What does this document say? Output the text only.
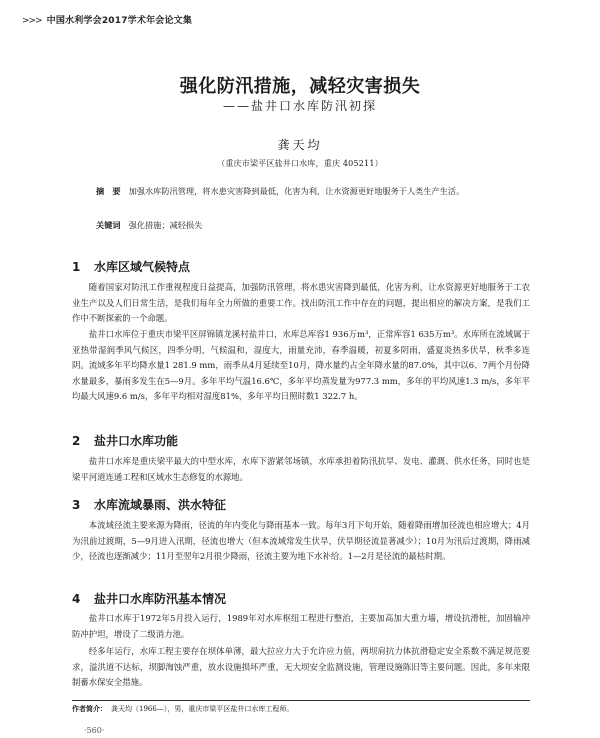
>>> 中国水利学会2017学术年会论文集
强化防汛措施，减轻灾害损失
——盐井口水库防汛初探
龚天均
（重庆市梁平区盐井口水库，重庆 405211）
摘　要 加强水库防汛管理，将水患灾害降到最低，化害为利，让水资源更好地服务于人类生产生活。
关键词 强化措施；减轻损失
1 水库区域气候特点

随着国家对防汛工作重视程度日益提高，加强防汛管理，将水患灾害降到最低，化害为利，让水资源更好地服务于工农业生产以及人们日常生活，是我们每年全力所做的重要工作。找出防汛工作中存在的问题，提出相应的解决方案，是我们工作中不断探索的一个命题。

盐井口水库位于重庆市梁平区屏锦镇龙溪村盐井口，水库总库容1 936万m³，正常库容1 635万m³。水库所在流域属于亚热带湿润季风气候区，四季分明，气候温和，湿度大，雨量充沛，春季温暖，初夏多阴雨，盛夏炎热多伏旱，秋季多连阴。流域多年平均降水量1 281.9 mm，雨季从4月延续至10月，降水量约占全年降水量的87.0%，其中以6、7两个月份降水量最多，暴雨多发生在5—9月。多年平均气温16.6℃，多年平均蒸发量为977.3 mm，多年的平均风速1.3 m/s，多年平均最大风速9.6 m/s，多年平均相对湿度81%，多年平均日照时数1 322.7 h。

2 盐井口水库功能

盐井口水库是重庆梁平最大的中型水库，水库下游紧邻场镇，水库承担着防汛抗旱、发电、灌溉、供水任务，同时也是梁平河道连通工程和区域水生态修复的水源地。

3 水库流域暴雨、洪水特征

本流域径流主要来源为降雨，径流的年内变化与降雨基本一致。每年3月下旬开始，随着降雨增加径流也相应增大；4月为汛前过渡期，5—9月进入汛期，径流也增大（但本流域常发生伏旱，伏旱期径流显著减少）；10月为汛后过渡期，降雨减少，径流也逐渐减少；11月至翌年2月很少降雨，径流主要为地下水补给。1—2月是径流的最枯时期。

4 盐井口水库防汛基本情况

盐井口水库于1972年5月投入运行，1989年对水库枢纽工程进行整治，主要加高加大重力墙，增设抗滑桩，加固输冲防冲护坦，增设了二级消力池。

经多年运行，水库工程主要存在坝体单薄，最大拉应力大于允许应力值，两坝肩抗力体抗滑稳定安全系数不满足规范要求，溢洪道不达标，坝脚淘蚀严重，放水设施损坏严重，无大坝安全监测设施，管理设施陈旧等主要问题。因此，多年来限制蓄水保安全措施。

作者简介： 龚天均（1966—），男，重庆市梁平区盐井口水库工程师。
·560·
